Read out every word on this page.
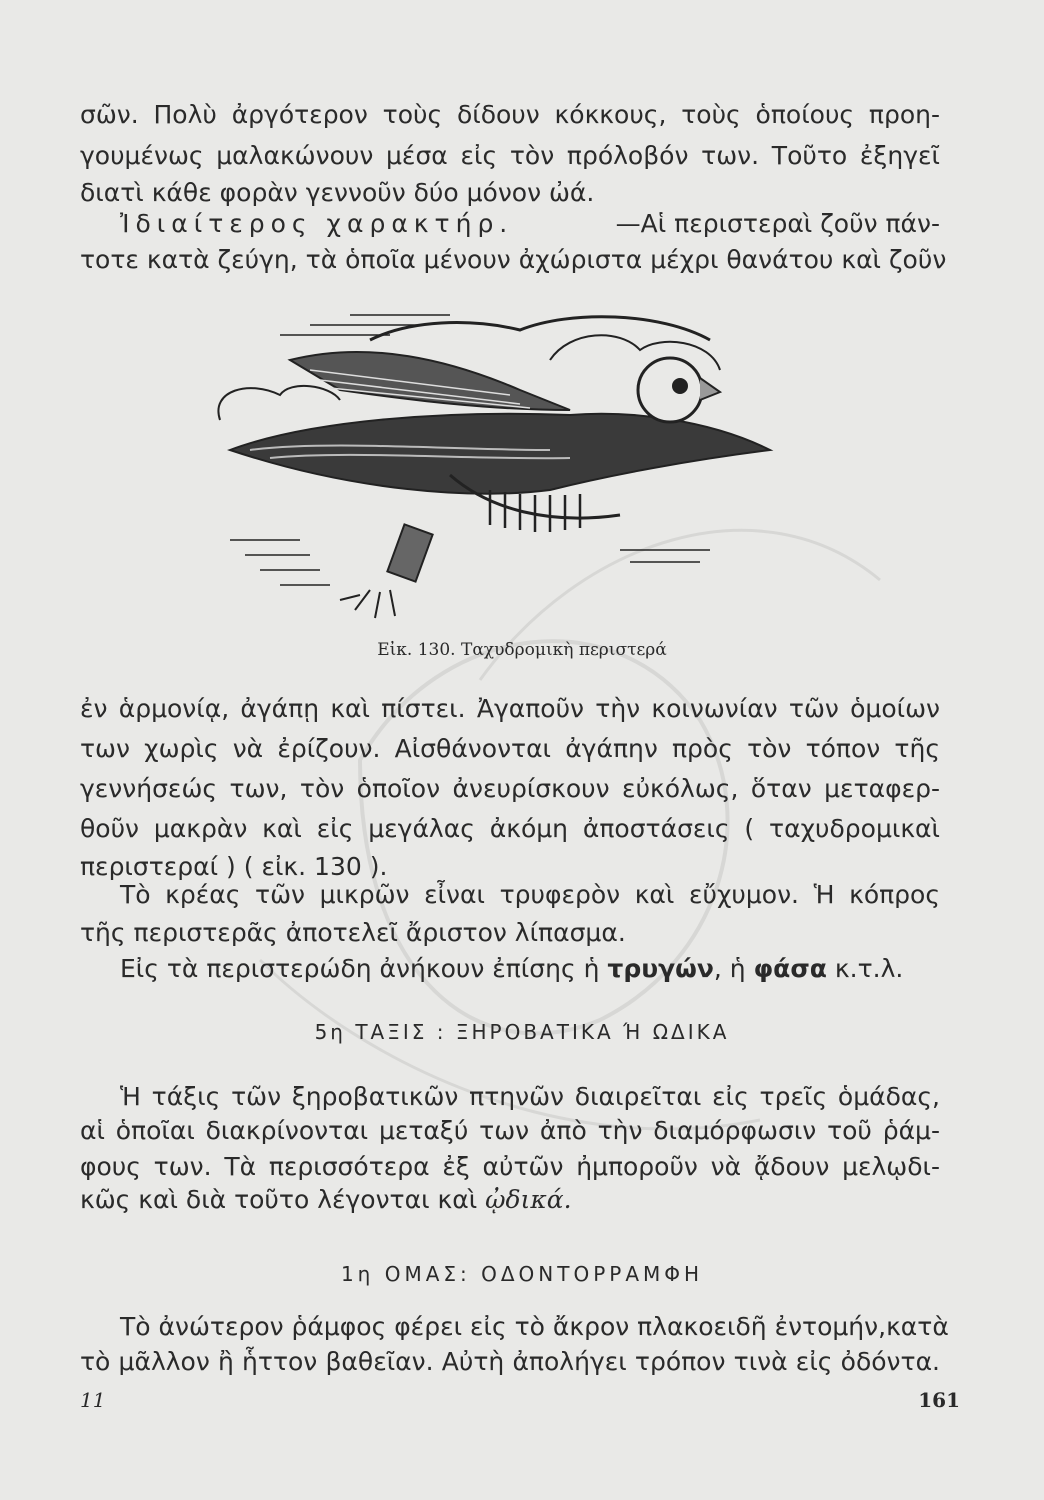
σῶν. Πολὺ ἀργότερον τοὺς δίδουν κόκκους, τοὺς ὁποίους προη-
γουμένως μαλακώνουν μέσα εἰς τὸν πρόλοβόν των. Τοῦτο ἐξηγεῖ
διατὶ κάθε φορὰν γεννοῦν δύο μόνον ὠά.
Ἰδιαίτερος χαρακτήρ.	—Αἱ περιστεραὶ ζοῦν πάν-
τοτε κατὰ ζεύγη, τὰ ὁποῖα μένουν ἀχώριστα μέχρι θανάτου καὶ ζοῦν
Εἰκ. 130. Ταχυδρομικὴ περιστερά
ἐν ἁρμονίᾳ, ἀγάπῃ καὶ πίστει. Ἀγαποῦν τὴν κοινωνίαν τῶν ὁμοίων
των χωρὶς νὰ ἐρίζουν. Αἰσθάνονται ἀγάπην πρὸς τὸν τόπον τῆς
γεννήσεώς των, τὸν ὁποῖον ἀνευρίσκουν εὐκόλως, ὅταν μεταφερ-
θοῦν μακρὰν καὶ εἰς μεγάλας ἀκόμη ἀποστάσεις ( ταχυδρομικαὶ
περιστεραί ) ( εἰκ. 130 ).
Τὸ κρέας τῶν μικρῶν εἶναι τρυφερὸν καὶ εὔχυμον. Ἡ κόπρος
τῆς περιστερᾶς ἀποτελεῖ ἄριστον λίπασμα.
Εἰς τὰ περιστερώδη ἀνήκουν ἐπίσης ἡ τρυγών, ἡ φάσα κ.τ.λ.
5η ΤΑΞΙΣ : ΞΗΡΟΒΑΤΙΚΑ Ή ΩΔΙΚΑ
Ἡ τάξις τῶν ξηροβατικῶν πτηνῶν διαιρεῖται εἰς τρεῖς ὁμάδας,
αἱ ὁποῖαι διακρίνονται μεταξύ των ἀπὸ τὴν διαμόρφωσιν τοῦ ῥάμ-
φους των. Τὰ περισσότερα ἐξ αὐτῶν ἠμποροῦν νὰ ᾄδουν μελῳδι-
κῶς καὶ διὰ τοῦτο λέγονται καὶ ᾠδικά.
1η ΟΜΑΣ: ΟΔΟΝΤΟΡΡΑΜΦΗ
Τὸ ἀνώτερον ῥάμφος φέρει εἰς τὸ ἄκρον πλακοειδῆ ἐντομήν,κατὰ
τὸ μᾶλλον ἢ ἧττον βαθεῖαν. Αὐτὴ ἀπολήγει τρόπον τινὰ εἰς ὀδόντα.
11	161
